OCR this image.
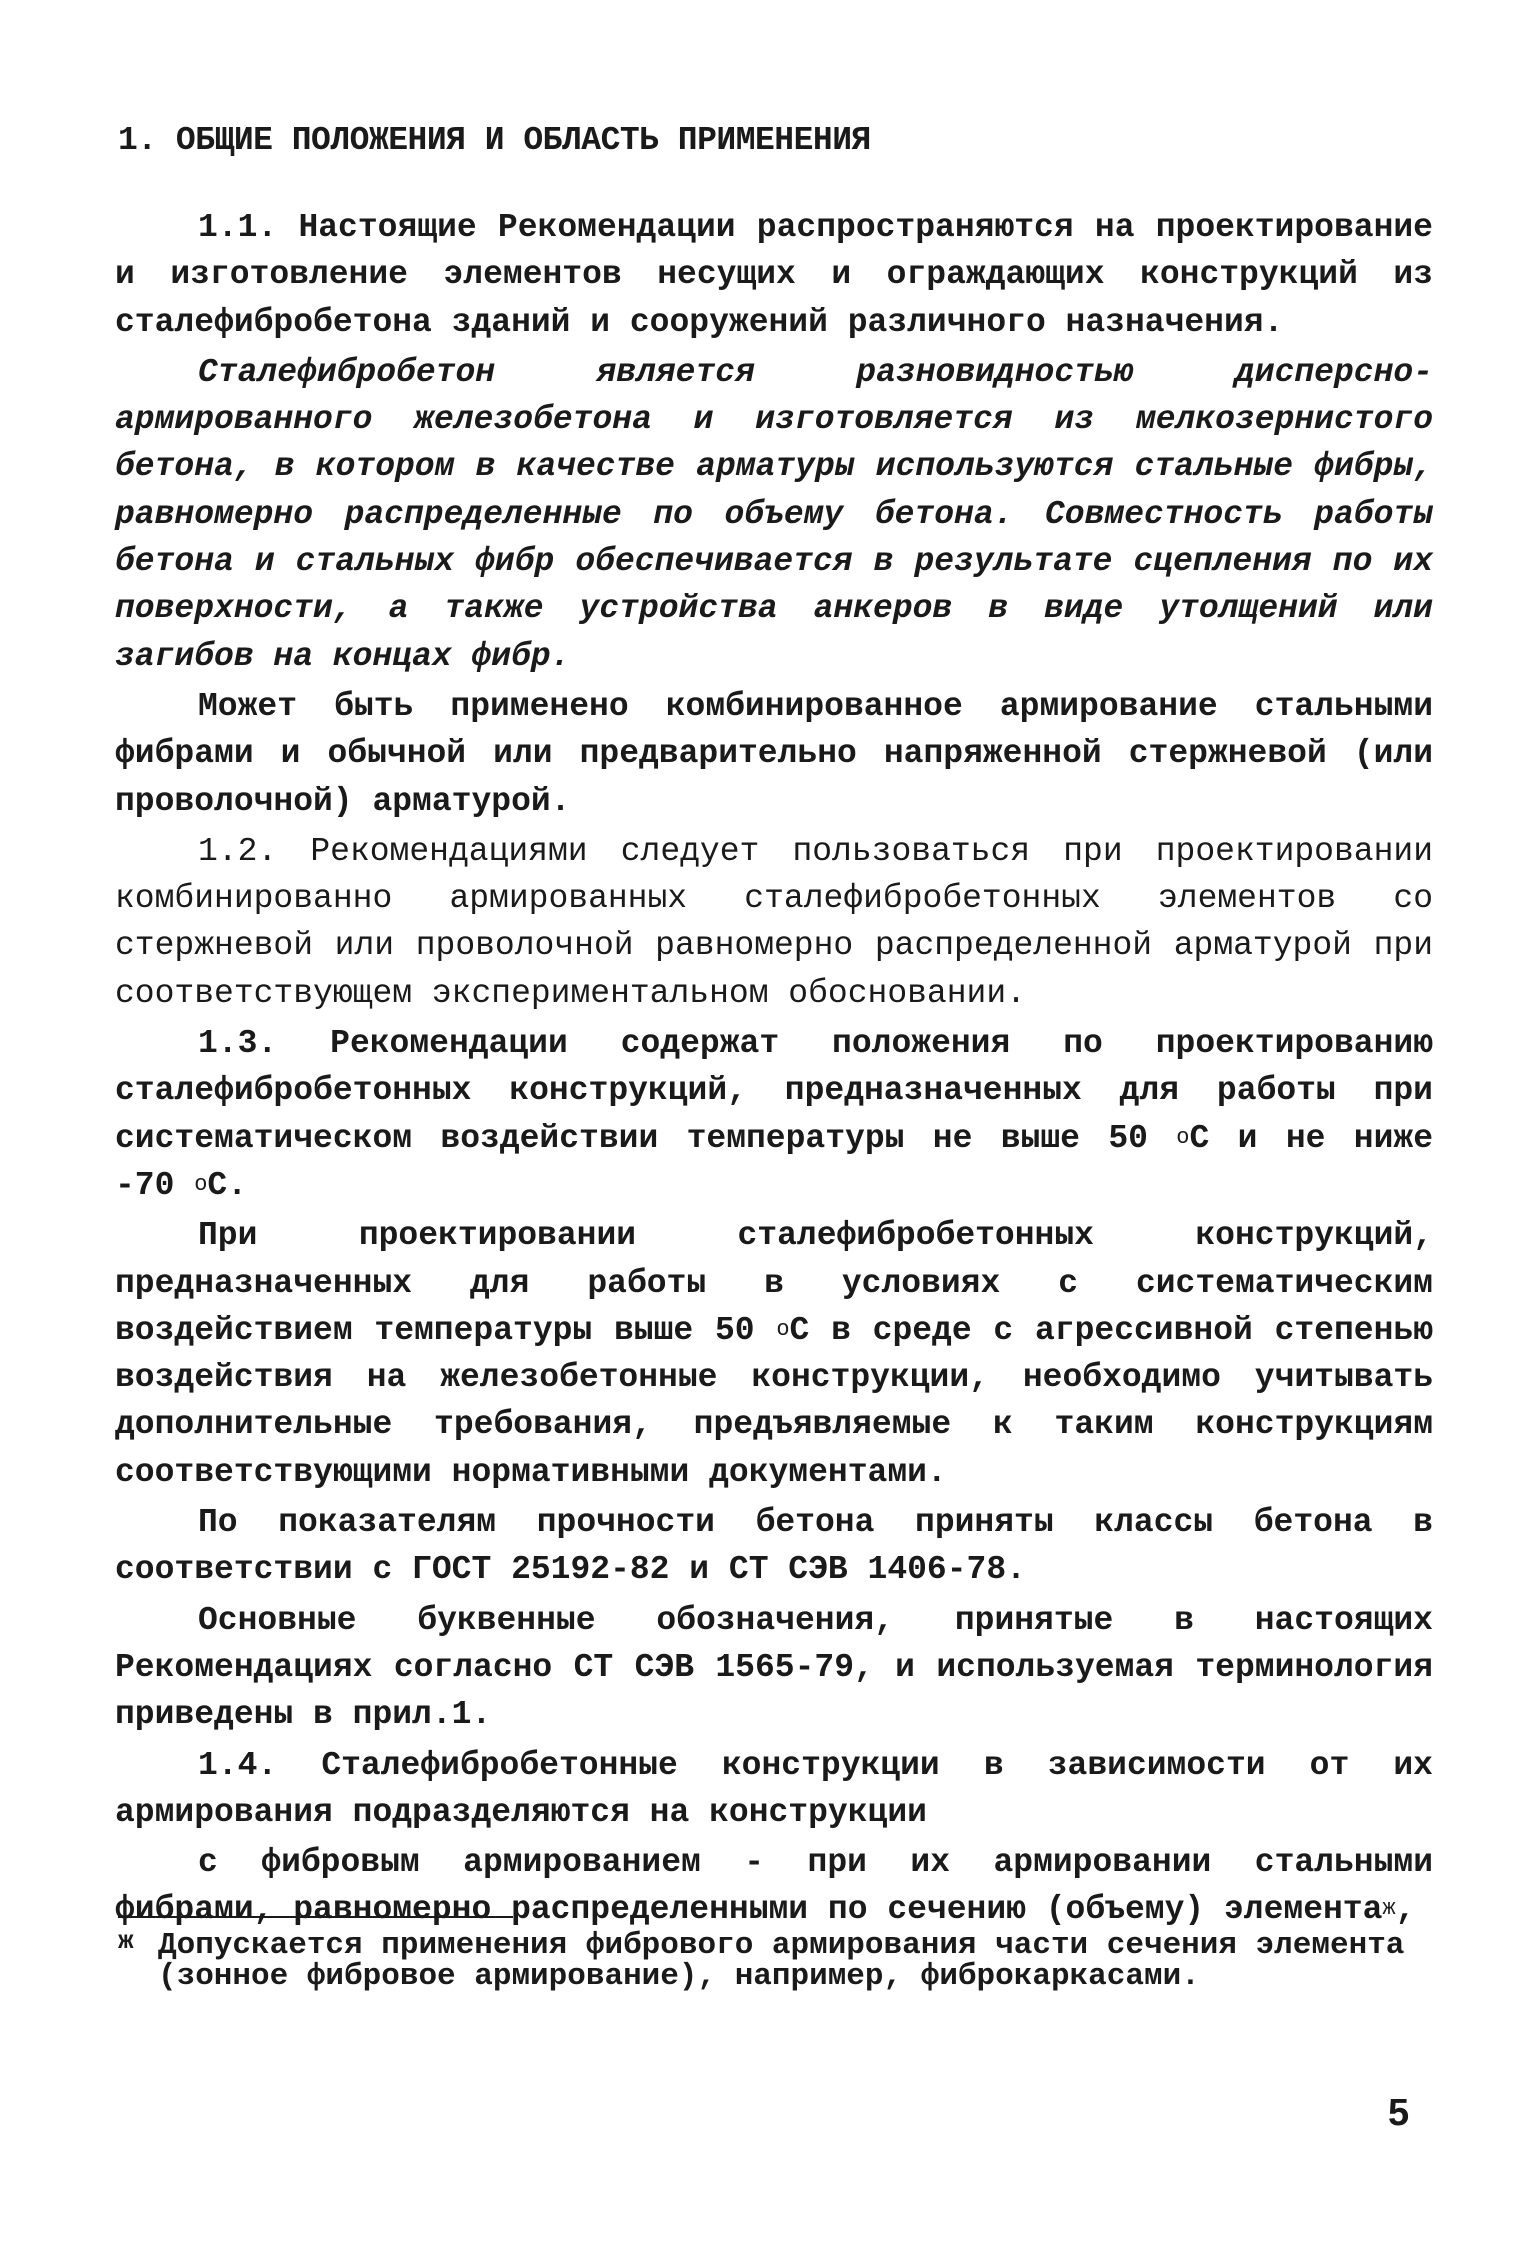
1. ОБЩИЕ ПОЛОЖЕНИЯ И ОБЛАСТЬ ПРИМЕНЕНИЯ

1.1. Настоящие Рекомендации распространяются на проектирование и изготовление элементов несущих и ограждающих конструкций из сталефибробетона зданий и сооружений различного назначения.

Сталефибробетон является разновидностью дисперсно-армированного железобетона и изготовляется из мелкозернистого бетона, в котором в качестве арматуры используются стальные фибры, равномерно распределенные по объему бетона. Совместность работы бетона и стальных фибр обеспечивается в результате сцепления по их поверхности, а также устройства анкеров в виде утолщений или загибов на концах фибр.

Может быть применено комбинированное армирование стальными фибрами и обычной или предварительно напряженной стержневой (или проволочной) арматурой.

1.2. Рекомендациями следует пользоваться при проектировании комбинированно армированных сталефибробетонных элементов со стержневой или проволочной равномерно распределенной арматурой при соответствующем экспериментальном обосновании.

1.3. Рекомендации содержат положения по проектированию сталефибробетонных конструкций, предназначенных для работы при систематическом воздействии температуры не выше 50 $^о$С и не ниже -70 $^о$С.

При проектировании сталефибробетонных конструкций, предназначенных для работы в условиях с систематическим воздействием температуры выше 50 $^о$С в среде с агрессивной степенью воздействия на железобетонные конструкции, необходимо учитывать дополнительные требования, предъявляемые к таким конструкциям соответствующими нормативными документами.

По показателям прочности бетона приняты классы бетона в соответствии с ГОСТ 25192-82 и СТ СЭВ 1406-78.

Основные буквенные обозначения, принятые в настоящих Рекомендациях согласно СТ СЭВ 1565-79, и используемая терминология приведены в прил.1.

1.4. Сталефибробетонные конструкции в зависимости от их армирования подразделяются на конструкции

с фибровым армированием - при их армировании стальными фибрами, равномерно распределенными по сечению (объему) элемента$^ж$,

ж Допускается применения фибрового армирования части сечения элемента (зонное фибровое армирование), например, фиброкаркасами.
5
